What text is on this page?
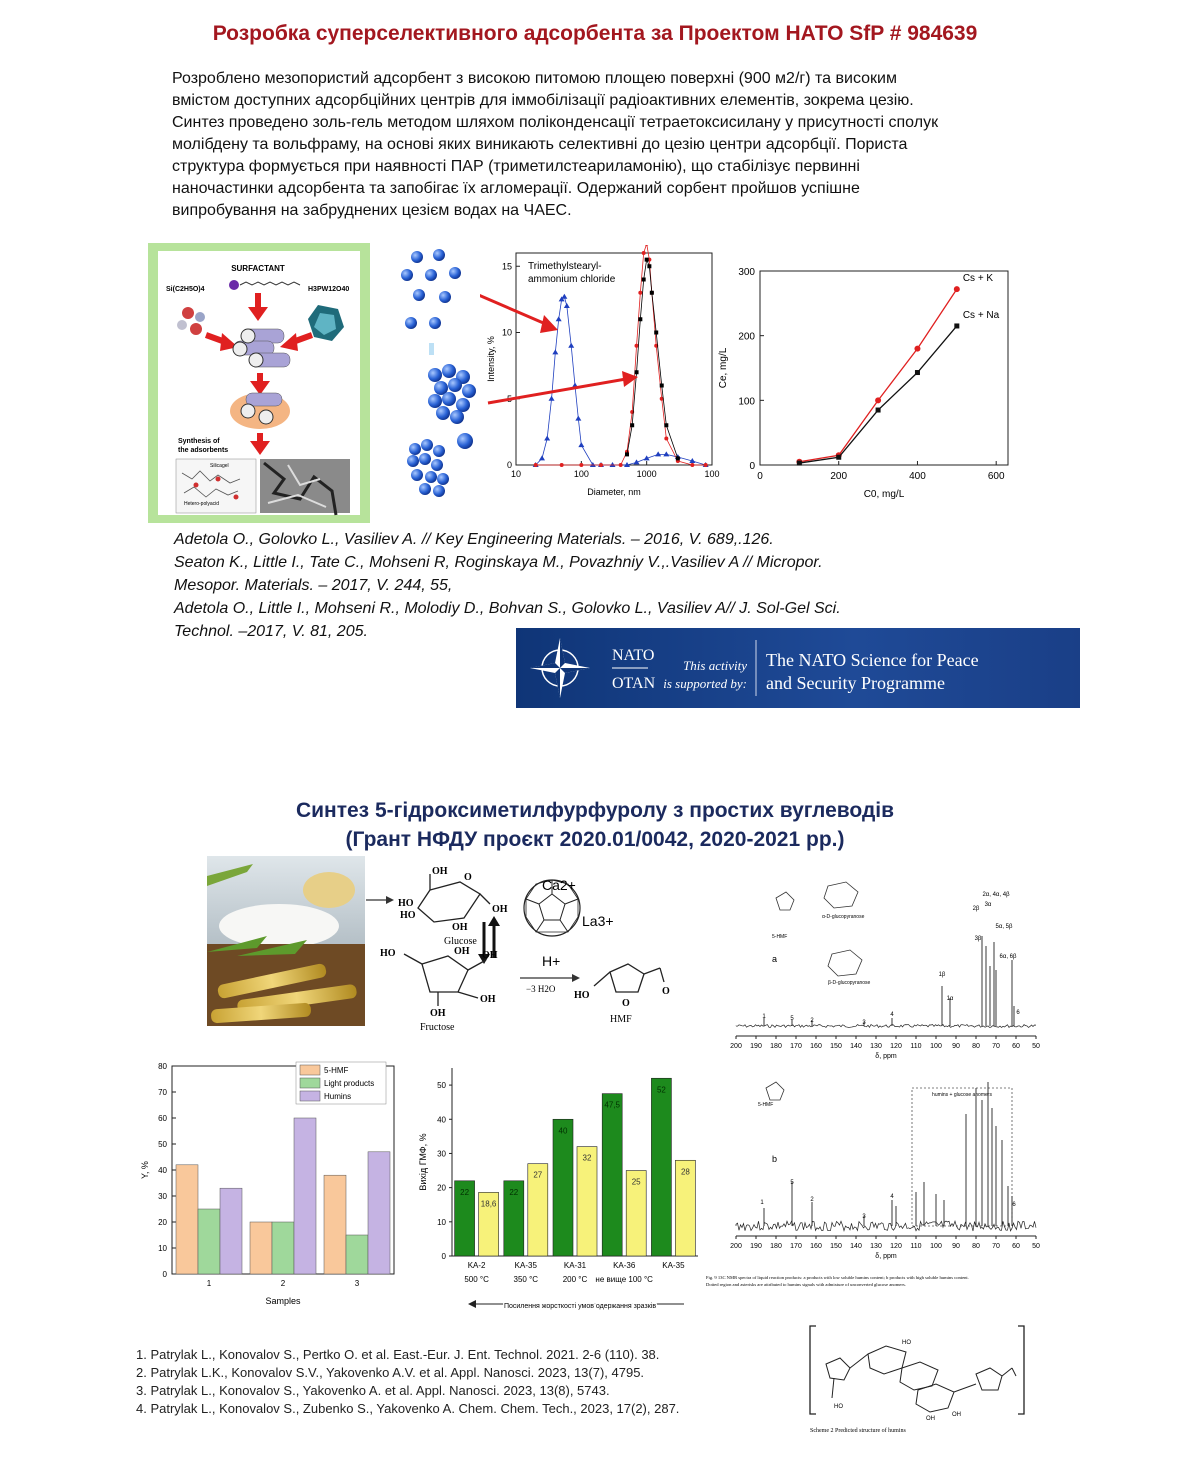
Розробка суперселективного адсорбента за Проектом НАТО SfP # 984639
Розроблено мезопористий адсорбент з високою питомою площею поверхні (900 м2/г) та високим
вмістом доступних адсорбційних центрів для іммобілізації радіоактивних елементів, зокрема цезію.
Синтез проведено золь-гель методом шляхом поліконденсації тетраетоксисилану у присутності сполук
молібдену та вольфраму, на основі яких виникають селективні до цезію центри адсорбції. Пориста
структура формується при наявності ПАР (триметилстеариламонію), що стабілізує первинні
наночастинки адсорбента та запобігає їх агломерації. Одержаний сорбент пройшов успішне
випробування на забруднених цезієм водах на ЧАЕС.
SURFACTANT
Si(C2H5O)4	H3PW12O40
Synthesis of
the adsorbents
Silicagel
Hetero-polyacid
10	100	1000	100
0
10
15
Diameter, nm
Intensity, %
Trimethylstearyl-
ammonium chloride
0	200	400	600
0
100
200
300
C0, mg/L
Ce, mg/L
Cs + K
Cs + Na
Adetola O., Golovko L., Vasiliev A. // Key Engineering Materials. – 2016, V. 689,.126.
Seaton K., Little I., Tate C., Mohseni R, Roginskaya M., Povazhniy V.,.Vasiliev A // Micropor.
Mesopor. Materials. – 2017, V. 244, 55,
Adetola O., Little I., Mohseni R., Molodiy D., Bohvan S., Golovko L., Vasiliev A// J. Sol-Gel Sci.
Technol. –2017, V. 81, 205.
NATO
OTAN
This activity
is supported by:
The NATO Science for Peace
and Security Programme
Синтез 5-гідроксиметилфурфуролу з простих вуглеводів
(Грант НФДУ проєкт 2020.01/0042, 2020-2021 рр.)
OH
O
HO
HO
OH
OH
Glucose
Ca2+
La3+
H+
HO	OH OH
OH
OH
Fructose
−3 H2O
HO
O
O
HMF
200 190 180 170 160 150 140 130 120 110 100 90 80 70 60 50
δ, ppm
a
1	5	2	3
4
1β
1α
2β
3β
3α
2α, 4α, 4β
5α, 5β
6α, 6β
6
5-HMF
α-D-glucopyranose
β-D-glucopyranose
humins + glucose anomers
200 190 180 170 160 150 140 130 120 110 100 90 80 70 60 50
δ, ppm
b
1
5
2
3
4
6
5-HMF
Fig. 9 13C NMR spectra of liquid reaction products: a products with low soluble humins content; b products with high soluble humins content.
Dotted region and asterisks are attributed to humins signals with admixture of unconverted glucose anomers.
0
10
20
30
40
50
60
70
80
1	2	3
Samples
Y, %
5-HMF
Light products
Humins
0
10
20
30
40
50
Вихід ГМФ, %
22
18,6
KA-2
500 °C
22
27
KA-35
350 °C
40
32
KA-31
200 °C
47,5
25
KA-36
не вище 100 °C
52
28
KA-35
Посилення жорсткості умов одержання зразків
1. Patrylak L., Konovalov S., Pertko O. et al. East.-Eur. J. Ent. Technol. 2021. 2-6 (110). 38.
2. Patrylak L.K., Konovalov S.V., Yakovenko A.V. et al. Appl. Nanosci. 2023, 13(7), 4795.
3. Patrylak L., Konovalov S., Yakovenko A. et al. Appl. Nanosci. 2023, 13(8), 5743.
4. Patrylak L., Konovalov S., Zubenko S., Yakovenko A. Chem. Chem. Tech., 2023, 17(2), 287.
HO
HO
OH
OH
Scheme 2 Predicted structure of humins
